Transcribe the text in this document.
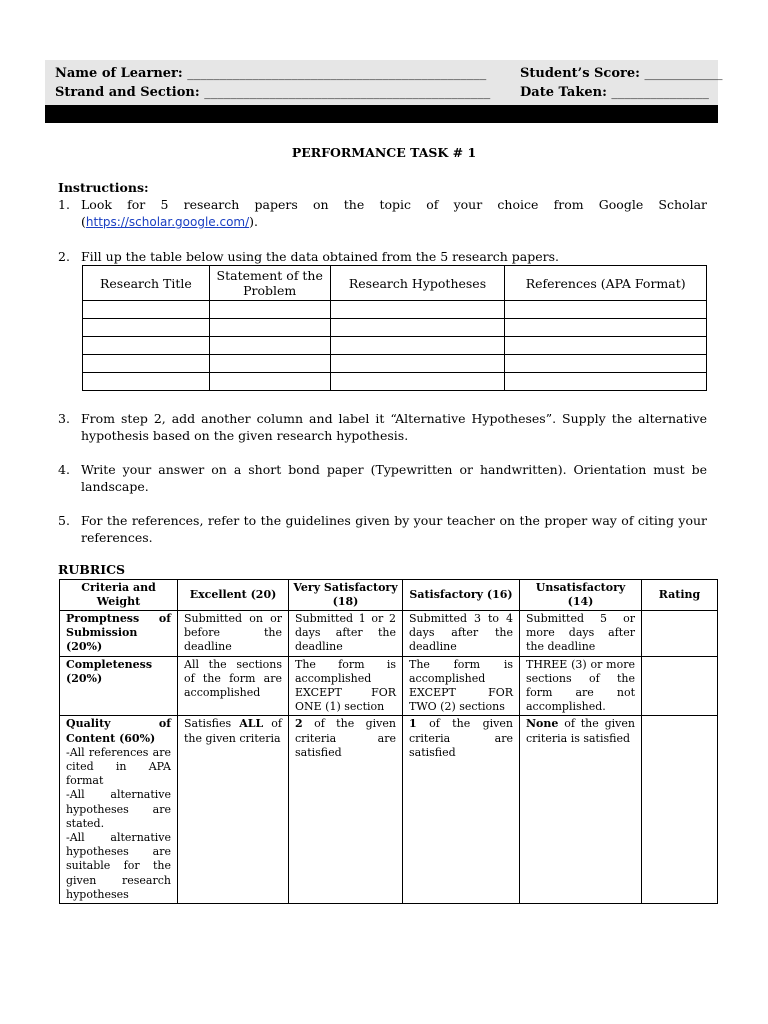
Name of Learner: ______________________________________________
Strand and Section: ____________________________________________
Student’s Score: ____________
Date Taken: _______________
PERFORMANCE TASK # 1
Instructions:
1. Look for 5 research papers on the topic of your choice from Google Scholar (https://scholar.google.com/).
2. Fill up the table below using the data obtained from the 5 research papers.
Research Title	Statement of the Problem	Research Hypotheses	References (APA Format)

3. From step 2, add another column and label it “Alternative Hypotheses”. Supply the alternative hypothesis based on the given research hypothesis.
4. Write your answer on a short bond paper (Typewritten or handwritten). Orientation must be landscape.
5. For the references, refer to the guidelines given by your teacher on the proper way of citing your references.
RUBRICS
Criteria and Weight	Excellent (20)	Very Satisfactory (18)	Satisfactory (16)	Unsatisfactory (14)	Rating
Promptness of Submission (20%)	Submitted on or before the deadline	Submitted 1 or 2 days after the deadline	Submitted 3 to 4 days after the deadline	Submitted 5 or more days after the deadline	
Completeness (20%)	All the sections of the form are accomplished	The form is accomplished EXCEPT FOR ONE (1) section	The form is accomplished EXCEPT FOR TWO (2) sections	THREE (3) or more sections of the form are not accomplished.	
Quality of Content (60%)
-All references are cited in APA format
-All alternative hypotheses are stated.
-All alternative hypotheses are suitable for the given research hypotheses	Satisfies ALL of the given criteria	2 of the given criteria are satisfied	1 of the given criteria are satisfied	None of the given criteria is satisfied	
